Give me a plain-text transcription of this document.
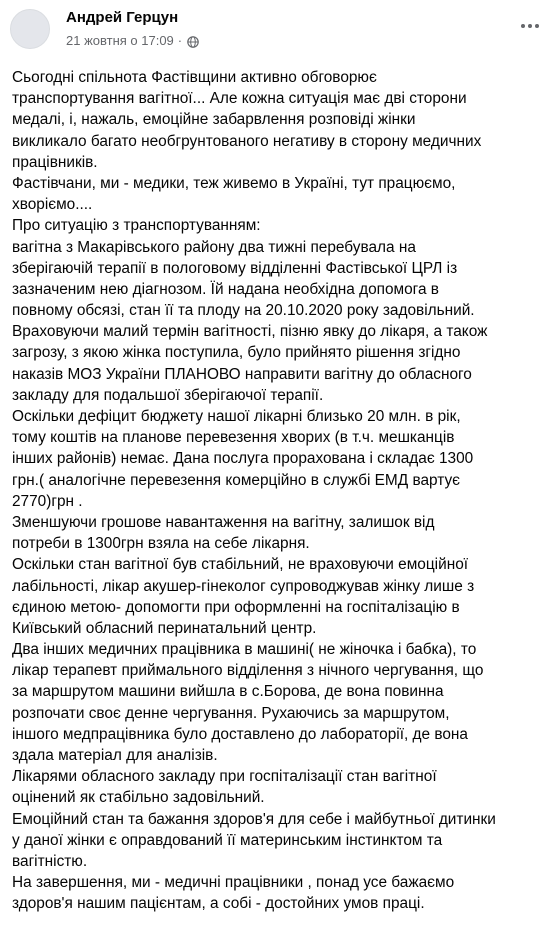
Андрей Герцун
21 жовтня о 17:09 ·
Сьогодні спільнота Фастівщини активно обговорює
транспортування вагітної... Але кожна ситуація має дві сторони
медалі, і, нажаль, емоційне забарвлення розповіді жінки
викликало багато необгрунтованого негативу в сторону медичних
працівників.
Фастівчани, ми - медики, теж живемо в Україні, тут працюємо,
хворіємо....
Про ситуацію з транспортуванням:
вагітна з Макарівського району два тижні перебувала на
зберігаючій терапії в пологовому відділенні Фастівської ЦРЛ із
зазначеним нею діагнозом. Їй надана необхідна допомога в
повному обсязі, стан її та плоду на 20.10.2020 року задовільний.
Враховуючи малий термін вагітності, пізню явку до лікаря, а також
загрозу, з якою жінка поступила, було прийнято рішення згідно
наказів МОЗ України ПЛАНОВО направити вагітну до обласного
закладу для подальшої зберігаючої терапії.
Оскільки дефіцит бюджету нашої лікарні близько 20 млн. в рік,
тому коштів на планове перевезення хворих (в т.ч. мешканців
інших районів) немає. Дана послуга прорахована і складає 1300
грн.( аналогічне перевезення комерційно в службі ЕМД вартує
2770)грн .
Зменшуючи грошове навантаження на вагітну, залишок від
потреби в 1300грн взяла на себе лікарня.
Оскільки стан вагітної був стабільний, не враховуючи емоційної
лабільності, лікар акушер-гінеколог супроводжував жінку лише з
єдиною метою- допомогти при оформленні на госпіталізацію в
Київський обласний перинатальний центр.
Два інших медичних працівника в машині( не жіночка і бабка), то
лікар терапевт приймального відділення з нічного чергування, що
за маршрутом машини вийшла в с.Борова, де вона повинна
розпочати своє денне чергування. Рухаючись за маршрутом,
іншого медпрацівника було доставлено до лабораторії, де вона
здала матеріал для аналізів.
Лікарями обласного закладу при госпіталізації стан вагітної
оцінений як стабільно задовільний.
Емоційний стан та бажання здоров'я для себе і майбутньої дитинки
у даної жінки є оправдований її материнським інстинктом та
вагітністю.
На завершення, ми - медичні працівники , понад усе бажаємо
здоров'я нашим пацієнтам, а собі - достойних умов праці.
